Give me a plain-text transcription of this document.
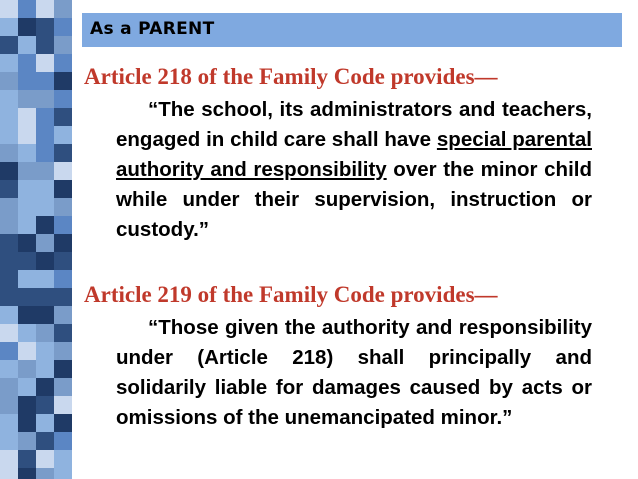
As a PARENT
Article 218 of the Family Code provides—
“The school, its administrators and teachers, engaged in child care shall have special parental authority and responsibility over the minor child while under their supervision, instruction or custody.”
Article 219 of the Family Code provides—
“Those given the authority and responsibility under (Article 218) shall principally and solidarily liable for damages caused by acts or omissions of the unemancipated minor.”
